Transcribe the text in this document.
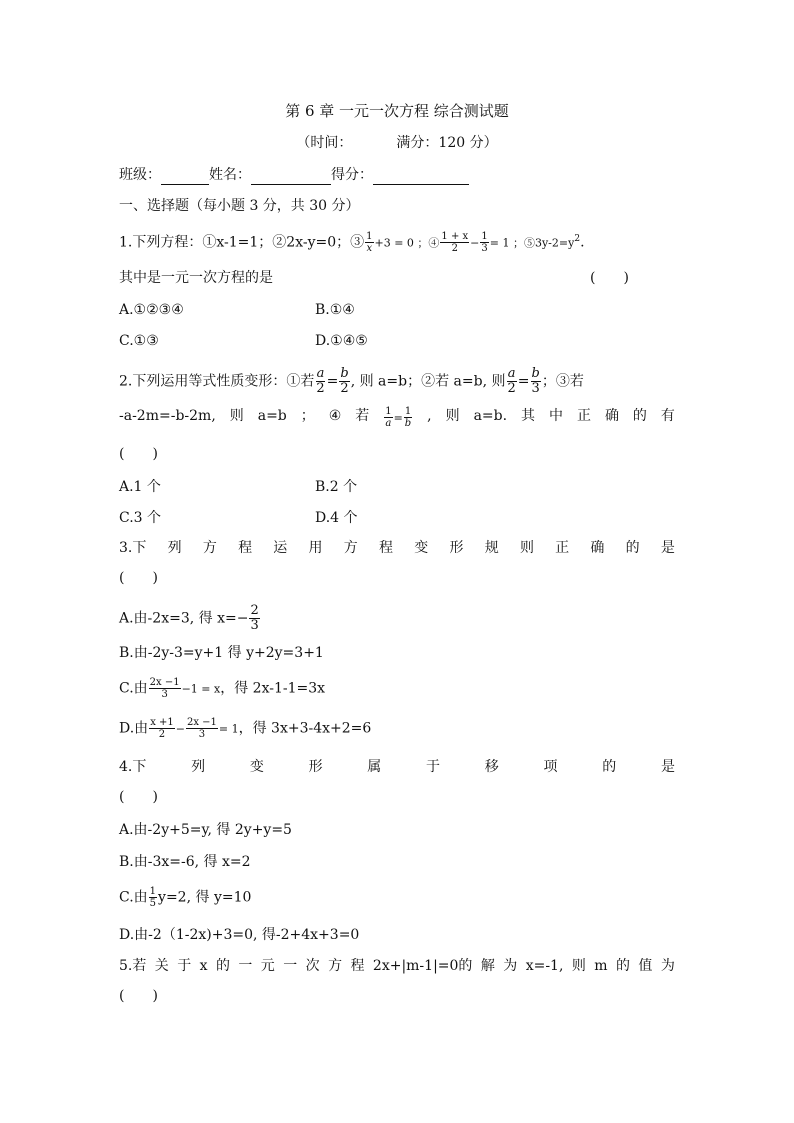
第 6 章 一元一次方程 综合测试题
（时间：	满分：120 分）
班级：	姓名：	得分：
一、选择题（每小题 3 分，共 30 分）
1.下列方程：①x-1=1；②2x-y=0；③ $\frac{1}{x} +3 = 0$ ；④ $\frac{1 + x}{2} - \frac{1}{3} = 1$ ；$⑤3y-2=y^2$.
其中是一元一次方程的是	(　　)
A.①②③④	B.①④
C.①③	D.①④⑤
2.下列运用等式性质变形：①若 $\frac{a}{2} = \frac{b}{2}$ , 则 a=b；②若 a=b, 则 $\frac{a}{2} = \frac{b}{3}$ ；③若
-a-2m=-b-2m, 则 a=b ； ④ 若 $\frac{1}{a} = \frac{1}{b}$ , 则 a=b. 其 中 正 确 的 有
(　　)
A.1 个	B.2 个
C.3 个	D.4 个
3.下 列 方 程 运 用 方 程 变 形 规 则 正 确 的 是
(　　)
A.由-2x=3, 得 $x=- \frac{2}{3}$
B.由-2y-3=y+1 得 y+2y=3+1
C.由 $\frac{2x -1}{3} -1 = x$，得 2x-1-1=3x
D.由 $\frac{x +1}{2} - \frac{2x -1}{3} = 1$，得 3x+3-4x+2=6
4.下	列	变	形	属	于	移	项	的	是
(　　)
A.由-2y+5=y, 得 2y+y=5
B.由-3x=-6, 得 x=2
C.由 $\frac{1}{5} y=2$, 得 y=10
D.由-2（1-2x)+3=0, 得-2+4x+3=0
5.若 关 于 x 的 一 元 一 次 方 程 2x+|m-1|=0的 解 为 x=-1, 则 m 的 值 为
(　　)
